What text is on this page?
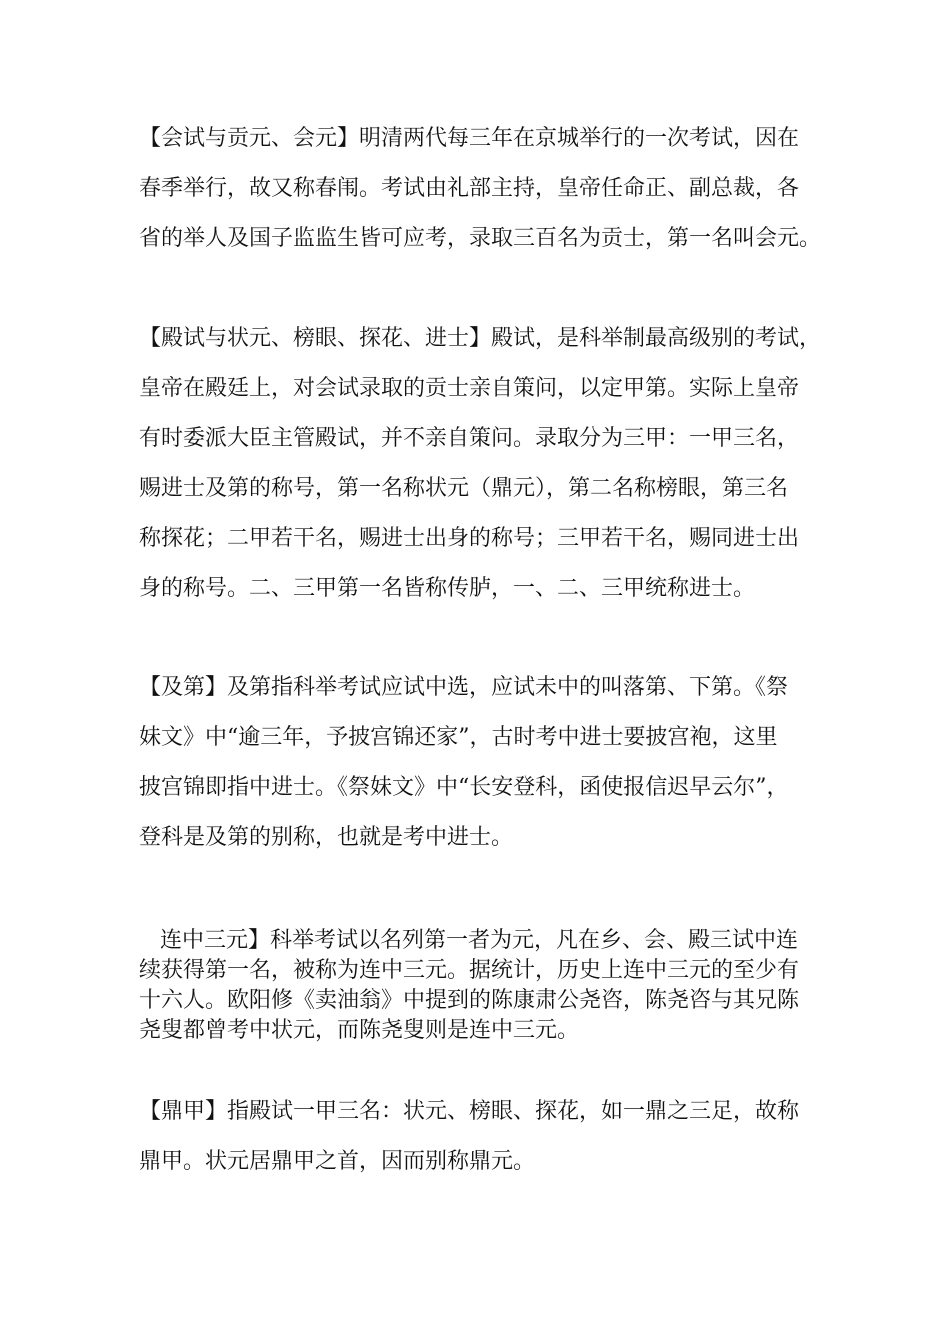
【会试与贡元、会元】明清两代每三年在京城举行的一次考试，因在
春季举行，故又称春闱。考试由礼部主持，皇帝任命正、副总裁，各
省的举人及国子监监生皆可应考，录取三百名为贡士，第一名叫会元。
【殿试与状元、榜眼、探花、进士】殿试，是科举制最高级别的考试，
皇帝在殿廷上，对会试录取的贡士亲自策问，以定甲第。实际上皇帝
有时委派大臣主管殿试，并不亲自策问。录取分为三甲：一甲三名，
赐进士及第的称号，第一名称状元（鼎元），第二名称榜眼，第三名
称探花；二甲若干名，赐进士出身的称号；三甲若干名，赐同进士出
身的称号。二、三甲第一名皆称传胪，一、二、三甲统称进士。
【及第】及第指科举考试应试中选，应试未中的叫落第、下第。《祭
妹文》中“逾三年，予披宫锦还家”，古时考中进士要披宫袍，这里
披宫锦即指中进士。《祭妹文》中“长安登科，函使报信迟早云尔”，
登科是及第的别称，也就是考中进士。
连中三元】科举考试以名列第一者为元，凡在乡、会、殿三试中连
续获得第一名，被称为连中三元。据统计，历史上连中三元的至少有
十六人。欧阳修《卖油翁》中提到的陈康肃公尧咨，陈尧咨与其兄陈
尧叟都曾考中状元，而陈尧叟则是连中三元。
【鼎甲】指殿试一甲三名：状元、榜眼、探花，如一鼎之三足，故称
鼎甲。状元居鼎甲之首，因而别称鼎元。
